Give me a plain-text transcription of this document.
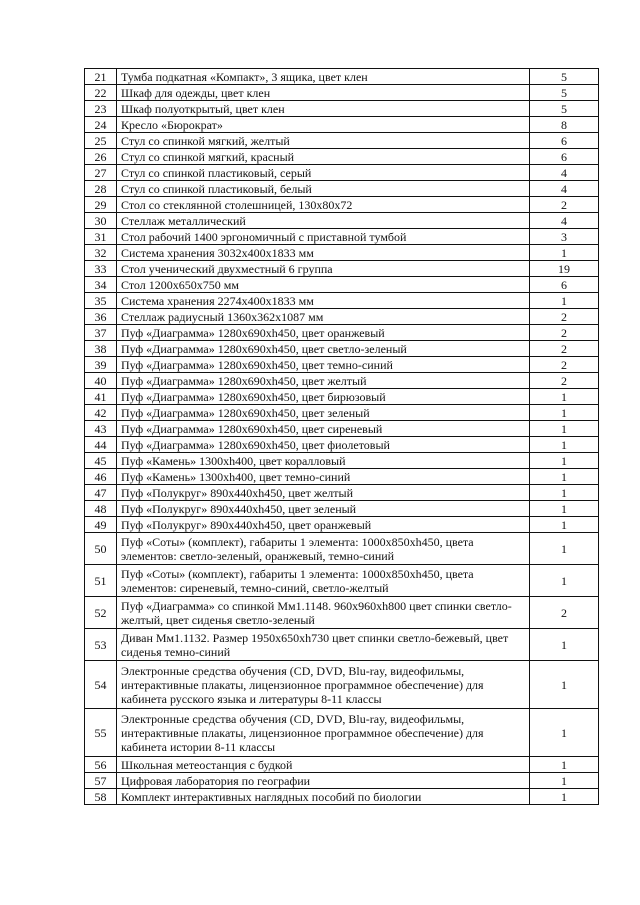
21	Тумба подкатная «Компакт», 3 ящика, цвет клен	5
22	Шкаф для одежды, цвет клен	5
23	Шкаф полуоткрытый, цвет клен	5
24	Кресло «Бюрократ»	8
25	Стул со спинкой мягкий, желтый	6
26	Стул со спинкой мягкий, красный	6
27	Стул со спинкой пластиковый, серый	4
28	Стул со спинкой пластиковый, белый	4
29	Стол со стеклянной столешницей, 130x80x72	2
30	Стеллаж металлический	4
31	Стол рабочий 1400 эргономичный с приставной тумбой	3
32	Система хранения 3032x400x1833 мм	1
33	Стол ученический двухместный 6 группа	19
34	Стол 1200x650x750 мм	6
35	Система хранения 2274x400x1833 мм	1
36	Стеллаж радиусный 1360x362x1087 мм	2
37	Пуф «Диаграмма» 1280x690xh450, цвет оранжевый	2
38	Пуф «Диаграмма» 1280x690xh450, цвет светло-зеленый	2
39	Пуф «Диаграмма» 1280x690xh450, цвет темно-синий	2
40	Пуф «Диаграмма» 1280x690xh450, цвет желтый	2
41	Пуф «Диаграмма» 1280x690xh450, цвет бирюзовый	1
42	Пуф «Диаграмма» 1280x690xh450, цвет зеленый	1
43	Пуф «Диаграмма» 1280x690xh450, цвет сиреневый	1
44	Пуф «Диаграмма» 1280x690xh450, цвет фиолетовый	1
45	Пуф «Камень» 1300xh400, цвет коралловый	1
46	Пуф «Камень» 1300xh400, цвет темно-синий	1
47	Пуф «Полукруг» 890x440xh450, цвет желтый	1
48	Пуф «Полукруг» 890x440xh450, цвет зеленый	1
49	Пуф «Полукруг» 890x440xh450, цвет оранжевый	1
50	Пуф «Соты» (комплект), габариты 1 элемента: 1000x850xh450, цвета элементов: светло-зеленый, оранжевый, темно-синий	1
51	Пуф «Соты» (комплект), габариты 1 элемента: 1000x850xh450, цвета элементов: сиреневый, темно-синий, светло-желтый	1
52	Пуф «Диаграмма» со спинкой Мм1.1148. 960x960xh800 цвет спинки светло-желтый, цвет сиденья светло-зеленый	2
53	Диван Мм1.1132. Размер 1950x650xh730 цвет спинки светло-бежевый, цвет сиденья темно-синий	1
54	Электронные средства обучения (CD, DVD, Blu-ray, видеофильмы, интерактивные плакаты, лицензионное программное обеспечение) для кабинета русского языка и литературы 8-11 классы	1
55	Электронные средства обучения (CD, DVD, Blu-ray, видеофильмы, интерактивные плакаты, лицензионное программное обеспечение) для кабинета истории 8-11 классы	1
56	Школьная метеостанция с будкой	1
57	Цифровая лаборатория по географии	1
58	Комплект интерактивных наглядных пособий по биологии	1
